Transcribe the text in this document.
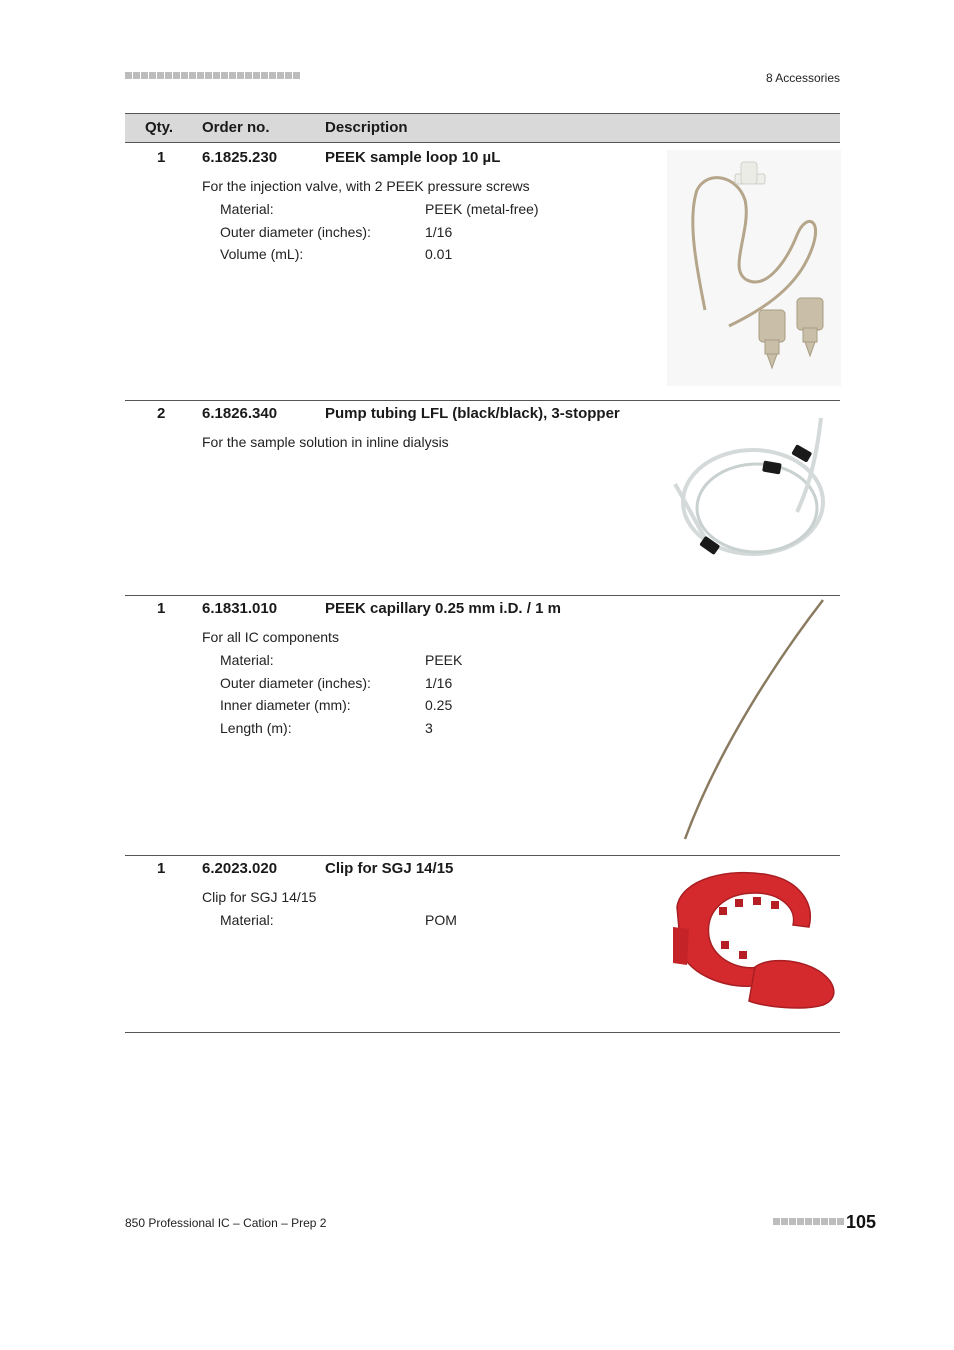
8 Accessories
Qty. Order no.	Description
1 6.1825.230	PEEK sample loop 10 µL
For the injection valve, with 2 PEEK pressure screws
Material:	PEEK (metal-free)
Outer diameter (inches):	1/16
Volume (mL):	0.01
2 6.1826.340	Pump tubing LFL (black/black), 3-stopper
For the sample solution in inline dialysis
1 6.1831.010	PEEK capillary 0.25 mm i.D. / 1 m
For all IC components
Material:	PEEK
Outer diameter (inches):	1/16
Inner diameter (mm):	0.25
Length (m):	3
1 6.2023.020	Clip for SGJ 14/15
Clip for SGJ 14/15
Material:	POM
850 Professional IC – Cation – Prep 2	105
